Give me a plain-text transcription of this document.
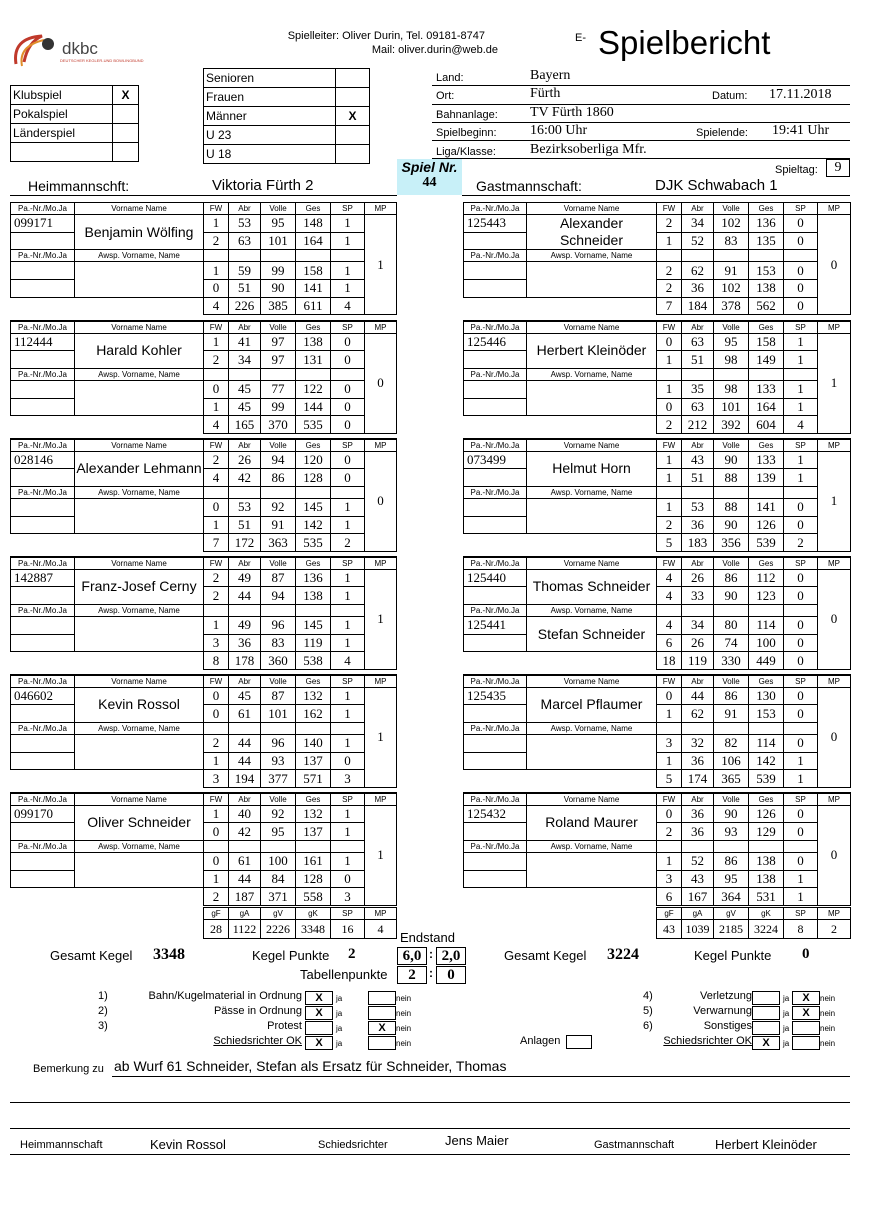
dkbc
DEUTSCHER KEGLER-UND BOWLINGBUND
Spielleiter: Oliver Durin, Tel. 09181-8747
Mail: oliver.durin@web.de
E- Spielbericht
Klubspiel	X
Pokalspiel	
Länderspiel	

Senioren	
Frauen	
Männer	X
U 23	
U 18	
Land:	Bayern
Ort:	Fürth	Datum: 17.11.2018
Bahnanlage: TV Fürth 1860
Spielbeginn: 16:00 Uhr	Spielende: 19:41 Uhr
Liga/Klasse: Bezirksoberliga Mfr.
Spiel Nr.
44
Spieltag:	9
Heimmannschft:	Viktoria Fürth 2	Gastmannschaft:	DJK Schwabach 1
Pa.-Nr./Mo.Ja	Vorname Name	FW	Abr	Volle	Ges	SP	MP
099171	Benjamin Wölfing	1	53	95	148	1	1
		2	63	101	164	1	
Pa.-Nr./Mo.Ja	Awsp. Vorname, Name						
		1	59	99	158	1	
		0	51	90	141	1	
		4	226	385	611	4	
Pa.-Nr./Mo.Ja	Vorname Name	FW	Abr	Volle	Ges	SP	MP
112444	Harald Kohler	1	41	97	138	0	0
		2	34	97	131	0	
Pa.-Nr./Mo.Ja	Awsp. Vorname, Name						
		0	45	77	122	0	
		1	45	99	144	0	
		4	165	370	535	0	
Pa.-Nr./Mo.Ja	Vorname Name	FW	Abr	Volle	Ges	SP	MP
028146	Alexander Lehmann	2	26	94	120	0	0
		4	42	86	128	0	
Pa.-Nr./Mo.Ja	Awsp. Vorname, Name						
		0	53	92	145	1	
		1	51	91	142	1	
		7	172	363	535	2	
Pa.-Nr./Mo.Ja	Vorname Name	FW	Abr	Volle	Ges	SP	MP
142887	Franz-Josef Cerny	2	49	87	136	1	1
		2	44	94	138	1	
Pa.-Nr./Mo.Ja	Awsp. Vorname, Name						
		1	49	96	145	1	
		3	36	83	119	1	
		8	178	360	538	4	
Pa.-Nr./Mo.Ja	Vorname Name	FW	Abr	Volle	Ges	SP	MP
046602	Kevin Rossol	0	45	87	132	1	1
		0	61	101	162	1	
Pa.-Nr./Mo.Ja	Awsp. Vorname, Name						
		2	44	96	140	1	
		1	44	93	137	0	
		3	194	377	571	3	
Pa.-Nr./Mo.Ja	Vorname Name	FW	Abr	Volle	Ges	SP	MP
099170	Oliver Schneider	1	40	92	132	1	1
		0	42	95	137	1	
Pa.-Nr./Mo.Ja	Awsp. Vorname, Name						
		0	61	100	161	1	
		1	44	84	128	0	
		2	187	371	558	3	
Pa.-Nr./Mo.Ja	Vorname Name	FW	Abr	Volle	Ges	SP	MP
125443	Alexander Schneider	2	34	102	136	0	0
		1	52	83	135	0	
Pa.-Nr./Mo.Ja	Awsp. Vorname, Name						
		2	62	91	153	0	
		2	36	102	138	0	
		7	184	378	562	0	
Pa.-Nr./Mo.Ja	Vorname Name	FW	Abr	Volle	Ges	SP	MP
125446	Herbert Kleinöder	0	63	95	158	1	1
		1	51	98	149	1	
Pa.-Nr./Mo.Ja	Awsp. Vorname, Name						
		1	35	98	133	1	
		0	63	101	164	1	
		2	212	392	604	4	
Pa.-Nr./Mo.Ja	Vorname Name	FW	Abr	Volle	Ges	SP	MP
073499	Helmut Horn	1	43	90	133	1	1
		1	51	88	139	1	
Pa.-Nr./Mo.Ja	Awsp. Vorname, Name						
		1	53	88	141	0	
		2	36	90	126	0	
		5	183	356	539	2	
Pa.-Nr./Mo.Ja	Vorname Name	FW	Abr	Volle	Ges	SP	MP
125440	Thomas Schneider	4	26	86	112	0	0
		4	33	90	123	0	
Pa.-Nr./Mo.Ja	Awsp. Vorname, Name						
125441	Stefan Schneider	4	34	80	114	0	
		6	26	74	100	0	
		18	119	330	449	0	
Pa.-Nr./Mo.Ja	Vorname Name	FW	Abr	Volle	Ges	SP	MP
125435	Marcel Pflaumer	0	44	86	130	0	0
		1	62	91	153	0	
Pa.-Nr./Mo.Ja	Awsp. Vorname, Name						
		3	32	82	114	0	
		1	36	106	142	1	
		5	174	365	539	1	
Pa.-Nr./Mo.Ja	Vorname Name	FW	Abr	Volle	Ges	SP	MP
125432	Roland Maurer	0	36	90	126	0	0
		2	36	93	129	0	
Pa.-Nr./Mo.Ja	Awsp. Vorname, Name						
		1	52	86	138	0	
		3	43	95	138	1	
		6	167	364	531	1	
gF	gA	gV	gK	SP	MP
28	1122	2226	3348	16	4
gF	gA	gV	gK	SP	MP
43	1039	2185	3224	8	2
Endstand
Gesamt Kegel 3348	Kegel Punkte 2	6,0 : 2,0
Tabellenpunkte	2	: 0
Gesamt Kegel 3224	Kegel Punkte 0
1)	Bahn/Kugelmaterial in Ordnung	X	ja	nein
2)	Pässe in Ordnung	X	ja	nein
3)	Protest	ja	X	nein
Schiedsrichter OK	X	ja	nein
4)	Verletzung	ja	X	nein
5)	Verwarnung	ja	X	nein
6)	Sonstiges	ja	nein
Schiedsrichter OK X	ja	nein
Anlagen
Bemerkung zu ab Wurf 61 Schneider, Stefan als Ersatz für Schneider, Thomas
Heimmannschaft	Kevin Rossol	Schiedsrichter	Jens Maier	Gastmannschaft	Herbert Kleinöder
